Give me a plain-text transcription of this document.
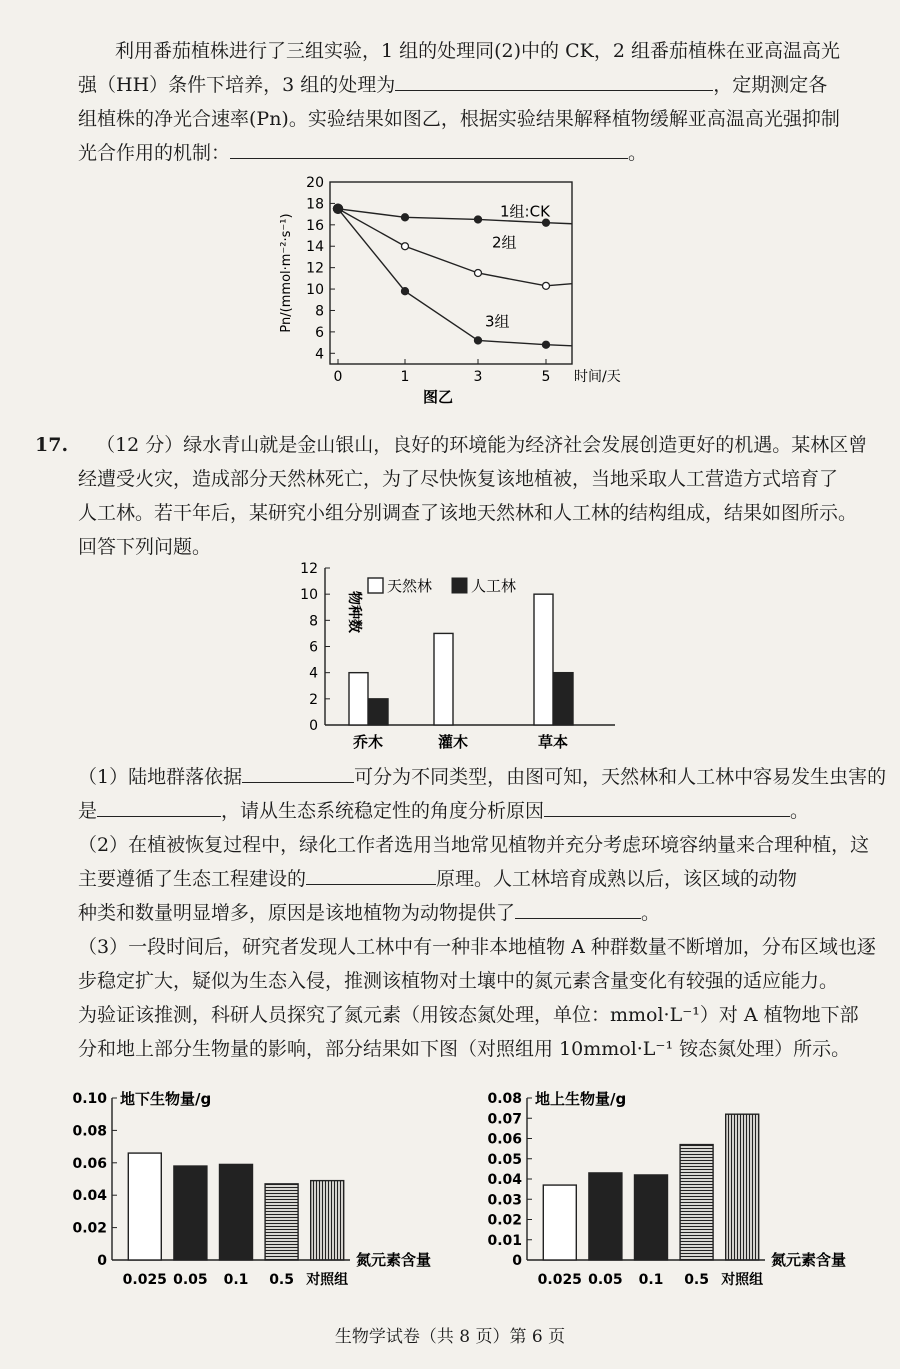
利用番茄植株进行了三组实验，1 组的处理同(2)中的 CK，2 组番茄植株在亚高温高光
强（HH）条件下培养，3 组的处理为	，定期测定各
组植株的净光合速率(Pn)。实验结果如图乙，根据实验结果解释植物缓解亚高温高光强抑制
光合作用的机制：	。
20
18
16
14
12
10
8
6
4
0	1	3	5 时间/天
图乙
Pn/(mmol·m⁻²·s⁻¹)
1组:CK
2组
3组
17. （12 分）绿水青山就是金山银山，良好的环境能为经济社会发展创造更好的机遇。某林区曾
经遭受火灾，造成部分天然林死亡，为了尽快恢复该地植被，当地采取人工营造方式培育了
人工林。若干年后，某研究小组分别调查了该地天然林和人工林的结构组成，结果如图所示。
回答下列问题。
0
2
4
6
8
10
12
物种数
乔木	灌木	草本
天然林	人工林
（1）陆地群落依据	可分为不同类型，由图可知，天然林和人工林中容易发生虫害的
是	，请从生态系统稳定性的角度分析原因	。
（2）在植被恢复过程中，绿化工作者选用当地常见植物并充分考虑环境容纳量来合理种植，这
主要遵循了生态工程建设的	原理。人工林培育成熟以后，该区域的动物
种类和数量明显增多，原因是该地植物为动物提供了	。
（3）一段时间后，研究者发现人工林中有一种非本地植物 A 种群数量不断增加，分布区域也逐
步稳定扩大，疑似为生态入侵，推测该植物对土壤中的氮元素含量变化有较强的适应能力。
为验证该推测，科研人员探究了氮元素（用铵态氮处理，单位：mmol·L⁻¹）对 A 植物地下部
分和地上部分生物量的影响，部分结果如下图（对照组用 10mmol·L⁻¹ 铵态氮处理）所示。
0
0.02
0.04
0.06
0.08
0.10 地下生物量/g
氮元素含量
0.025 0.05 0.1 0.5 对照组
0
0.01
0.02
0.03
0.04
0.05
0.06
0.07
0.08 地上生物量/g
氮元素含量
0.025 0.05 0.1 0.5 对照组
生物学试卷（共 8 页）第 6 页
